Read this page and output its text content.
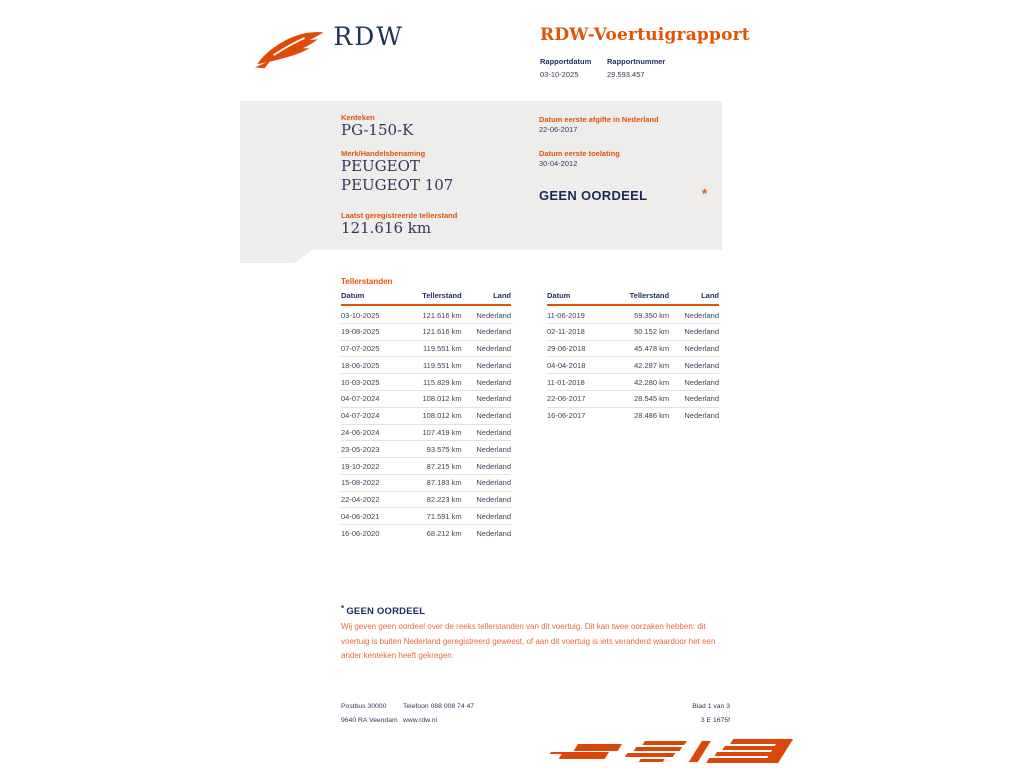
RDW	RDW-Voertuigrapport
Rapportdatum
03-10-2025
Rapportnummer
29.593.457
Kenteken
PG-150-K
Merk/Handelsbenaming
PEUGEOT PEUGEOT 107
Laatst geregistreerde tellerstand
121.616 km
Datum eerste afgifte in Nederland
22-06-2017
Datum eerste toelating
30-04-2012
GEEN OORDEEL	*
Tellerstanden
Datum	Tellerstand	Land
03-10-2025	121.616 km	Nederland
19-08-2025	121.616 km	Nederland
07-07-2025	119.551 km	Nederland
18-06-2025	119.551 km	Nederland
10-03-2025	115.829 km	Nederland
04-07-2024	108.012 km	Nederland
04-07-2024	108.012 km	Nederland
24-06-2024	107.419 km	Nederland
23-05-2023	93.575 km	Nederland
19-10-2022	87.215 km	Nederland
15-08-2022	87.183 km	Nederland
22-04-2022	82.223 km	Nederland
04-06-2021	71.591 km	Nederland
16-06-2020	68.212 km	Nederland
Datum	Tellerstand	Land
11-06-2019	59.350 km	Nederland
02-11-2018	50.152 km	Nederland
29-06-2018	45.478 km	Nederland
04-04-2018	42.287 km	Nederland
11-01-2018	42.280 km	Nederland
22-06-2017	28.545 km	Nederland
16-06-2017	28.486 km	Nederland
* GEEN OORDEEL
Wij geven geen oordeel over de reeks tellerstanden van dit voertuig. Dit kan twee oorzaken hebben: dit voertuig is buiten Nederland geregistreerd geweest, of aan dit voertuig is iets veranderd waardoor het een ander kenteken heeft gekregen.
Postbus 30000
9640 RA Veendam
Telefoon 088 008 74 47
www.rdw.nl
Blad 1 van 3
3 E 1675f
